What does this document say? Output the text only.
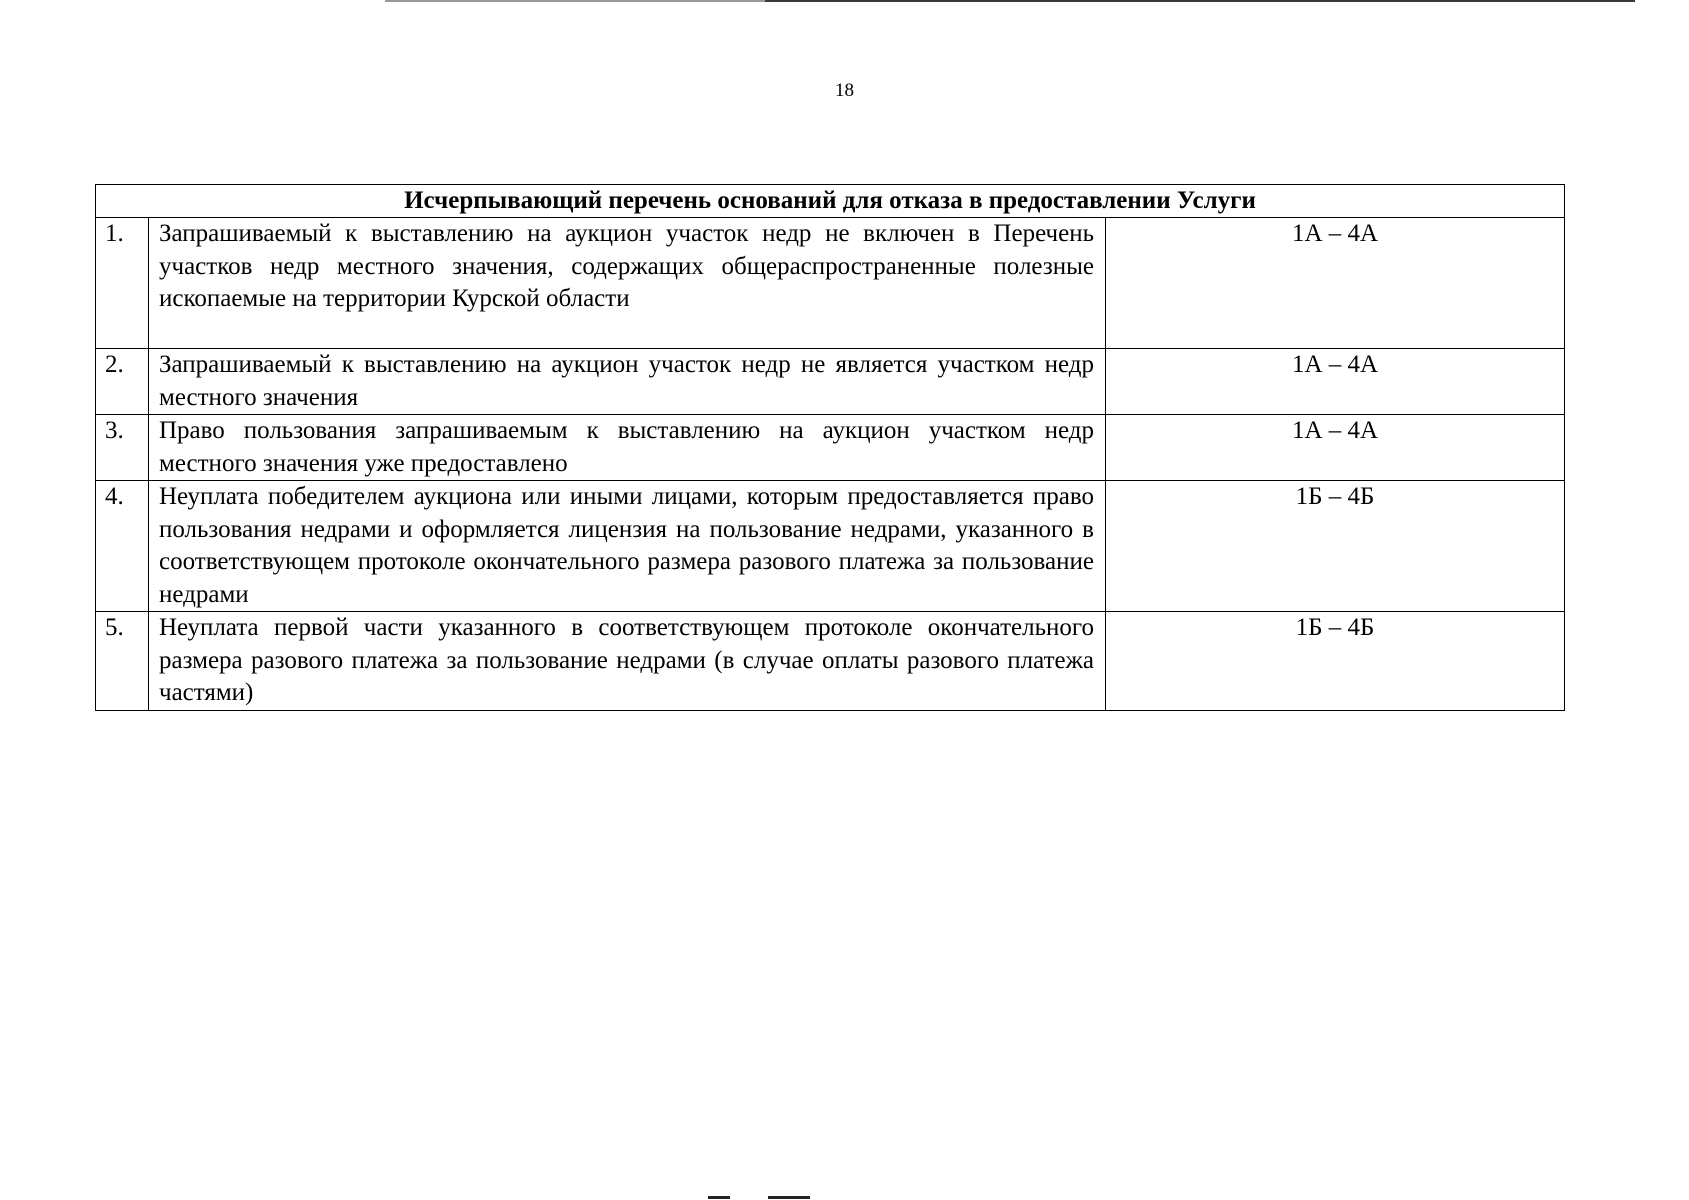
18
Исчерпывающий перечень оснований для отказа в предоставлении Услуги		
1.	Запрашиваемый к выставлению на аукцион участок недр не включен в Перечень участков недр местного значения, содержащих общераспространенные полезные ископаемые на территории Курской области	1А – 4А
2.	Запрашиваемый к выставлению на аукцион участок недр не является участком недр местного значения	1А – 4А
3.	Право пользования запрашиваемым к выставлению на аукцион участком недр местного значения уже предоставлено	1А – 4А
4.	Неуплата победителем аукциона или иными лицами, которым предоставляется право пользования недрами и оформляется лицензия на пользование недрами, указанного в соответствующем протоколе окончательного размера разового платежа за пользование недрами	1Б – 4Б
5.	Неуплата первой части указанного в соответствующем протоколе окончательного размера разового платежа за пользование недрами (в случае оплаты разового платежа частями)	1Б – 4Б
